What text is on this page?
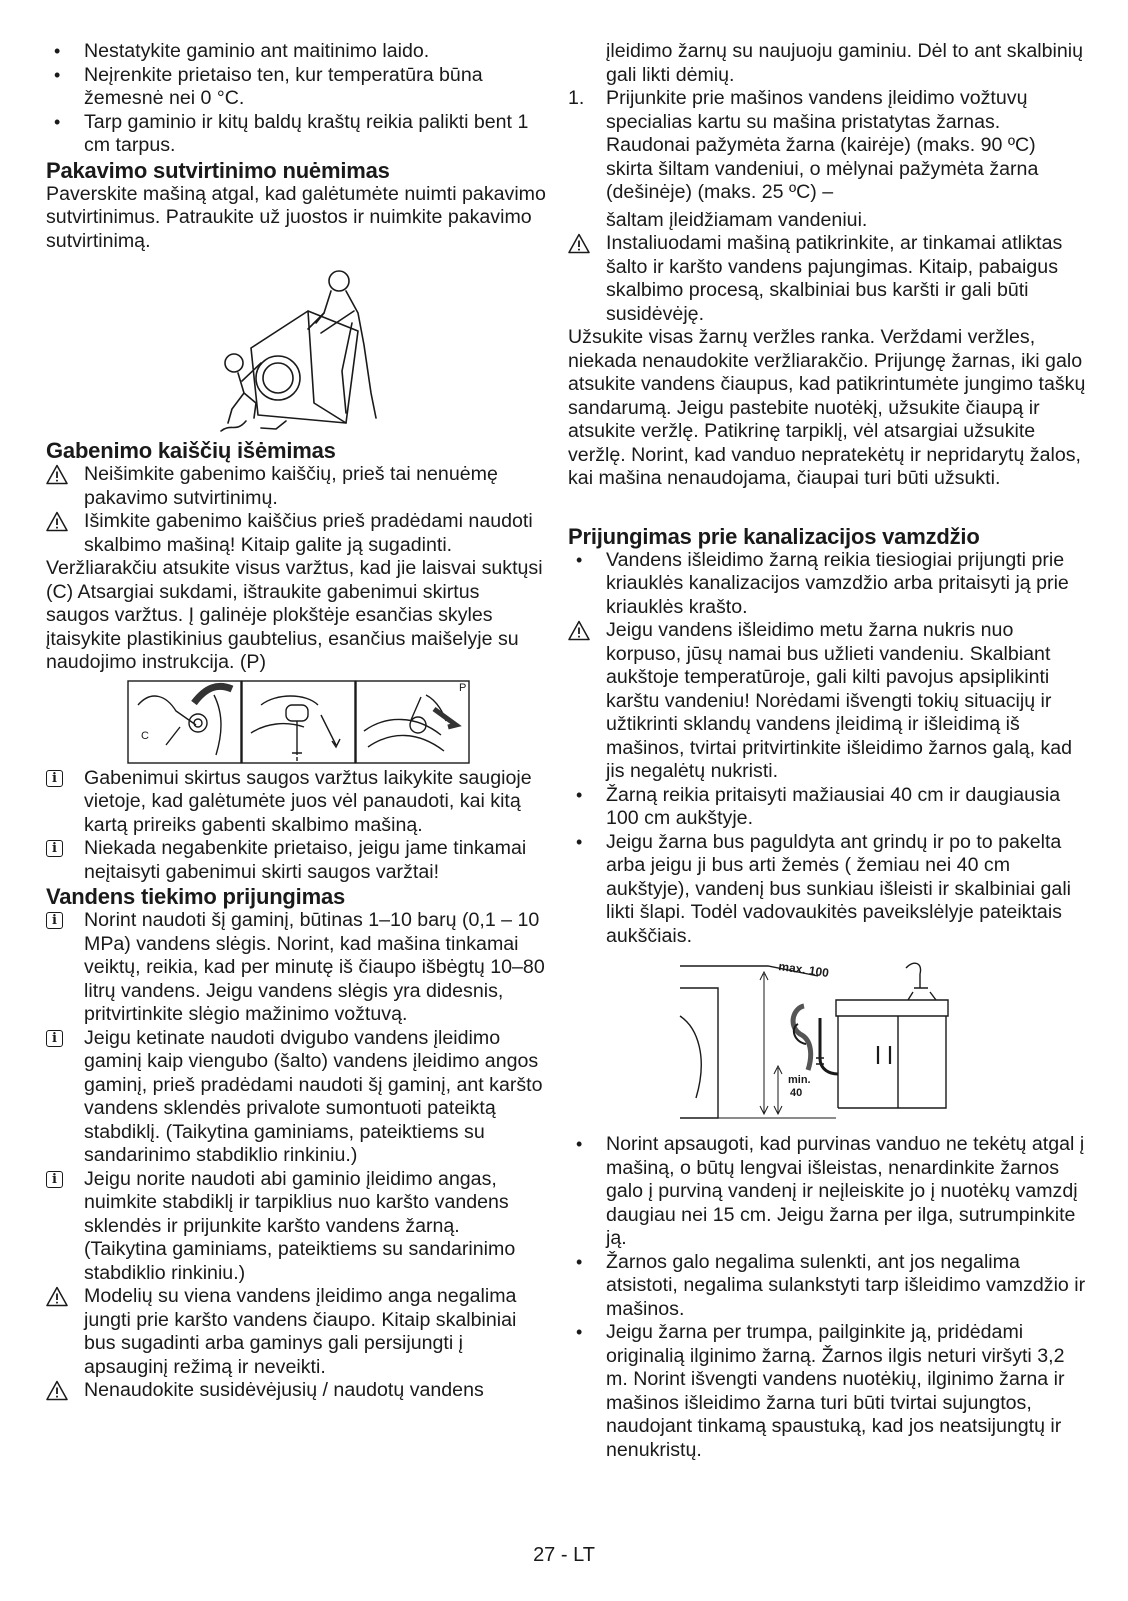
•	Nestatykite gaminio ant maitinimo laido.

•	Neįrenkite prietaiso ten, kur temperatūra būna žemesnė nei 0 °C.

•	Tarp gaminio ir kitų baldų kraštų reikia palikti bent 1 cm tarpus.

Pakavimo sutvirtinimo nuėmimas

Paverskite mašiną atgal, kad galėtumėte nuimti pakavimo sutvirtinimus. Patraukite už juostos ir nuimkite pakavimo sutvirtinimą.

Gabenimo kaiščių išėmimas

Neišimkite gabenimo kaiščių, prieš tai nenuėmę pakavimo sutvirtinimų.

Išimkite gabenimo kaiščius prieš pradėdami naudoti skalbimo mašiną! Kitaip galite ją sugadinti.

Veržliarakčiu atsukite visus varžtus, kad jie laisvai suktųsi (C) Atsargiai sukdami, ištraukite gabenimui skirtus saugos varžtus. Į galinėje plokštėje esančias skyles įtaisykite plastikinius gaubtelius, esančius maišelyje su naudojimo instrukcija. (P)

C
P
i	Gabenimui skirtus saugos varžtus laikykite saugioje vietoje, kad galėtumėte juos vėl panaudoti, kai kitą kartą prireiks gabenti skalbimo mašiną.

i	Niekada negabenkite prietaiso, jeigu jame tinkamai neįtaisyti gabenimui skirti saugos varžtai!

Vandens tiekimo prijungimas
i	Norint naudoti šį gaminį, būtinas 1–10 barų (0,1 – 10 MPa) vandens slėgis. Norint, kad mašina tinkamai veiktų, reikia, kad per minutę iš čiaupo išbėgtų 10–80 litrų vandens. Jeigu vandens slėgis yra didesnis, pritvirtinkite slėgio mažinimo vožtuvą.

i	Jeigu ketinate naudoti dvigubo vandens įleidimo gaminį kaip viengubo (šalto) vandens įleidimo angos gaminį, prieš pradėdami naudoti šį gaminį, ant karšto vandens sklendės privalote sumontuoti pateiktą stabdiklį. (Taikytina gaminiams, pateiktiems su sandarinimo stabdiklio rinkiniu.)

i	Jeigu norite naudoti abi gaminio įleidimo angas, nuimkite stabdiklį ir tarpiklius nuo karšto vandens sklendės ir prijunkite karšto vandens žarną. (Taikytina gaminiams, pateiktiems su sandarinimo stabdiklio rinkiniu.)

Modelių su viena vandens įleidimo anga negalima jungti prie karšto vandens čiaupo. Kitaip skalbiniai bus sugadinti arba gaminys gali persijungti į apsauginį režimą ir neveikti.

Nenaudokite susidėvėjusių / naudotų vandens

įleidimo žarnų su naujuoju gaminiu. Dėl to ant skalbinių gali likti dėmių.

1.	Prijunkite prie mašinos vandens įleidimo vožtuvų specialias kartu su mašina pristatytas žarnas. Raudonai pažymėta žarna (kairėje) (maks. 90 ºC) skirta šiltam vandeniui, o mėlynai pažymėta žarna (dešinėje) (maks. 25 ºC) –

šaltam įleidžiamam vandeniui.

Instaliuodami mašiną patikrinkite, ar tinkamai atliktas šalto ir karšto vandens pajungimas. Kitaip, pabaigus skalbimo procesą, skalbiniai bus karšti ir gali būti susidėvėję.

Užsukite visas žarnų veržles ranka. Verždami veržles, niekada nenaudokite veržliarakčio. Prijungę žarnas, iki galo atsukite vandens čiaupus, kad patikrintumėte jungimo taškų sandarumą. Jeigu pastebite nuotėkį, užsukite čiaupą ir atsukite veržlę. Patikrinę tarpiklį, vėl atsargiai užsukite veržlę. Norint, kad vanduo nepratekėtų ir nepridarytų žalos, kai mašina nenaudojama, čiaupai turi būti užsukti.

Prijungimas prie kanalizacijos vamzdžio
•	Vandens išleidimo žarną reikia tiesiogiai prijungti prie kriauklės kanalizacijos vamzdžio arba pritaisyti ją prie kriauklės krašto.

Jeigu vandens išleidimo metu žarna nukris nuo korpuso, jūsų namai bus užlieti vandeniu. Skalbiant aukštoje temperatūroje, gali kilti pavojus apsiplikinti karštu vandeniu! Norėdami išvengti tokių situacijų ir užtikrinti sklandų vandens įleidimą ir išleidimą iš mašinos, tvirtai pritvirtinkite išleidimo žarnos galą, kad jis negalėtų nukristi.

•	Žarną reikia pritaisyti mažiausiai 40 cm ir daugiausia 100 cm aukštyje.

•	Jeigu žarna bus paguldyta ant grindų ir po to pakelta arba jeigu ji bus arti žemės ( žemiau nei 40 cm aukštyje), vandenį bus sunkiau išleisti ir skalbiniai gali likti šlapi. Todėl vadovaukitės paveikslėlyje pateiktais aukščiais.

max. 100
min.
40
•	Norint apsaugoti, kad purvinas vanduo ne tekėtų atgal į mašiną, o būtų lengvai išleistas, nenardinkite žarnos galo į purviną vandenį ir neįleiskite jo į nuotėkų vamzdį daugiau nei 15 cm. Jeigu žarna per ilga, sutrumpinkite ją.

•	Žarnos galo negalima sulenkti, ant jos negalima atsistoti, negalima sulankstyti tarp išleidimo vamzdžio ir mašinos.

•	Jeigu žarna per trumpa, pailginkite ją, pridėdami originalią ilginimo žarną. Žarnos ilgis neturi viršyti 3,2 m. Norint išvengti vandens nuotėkių, ilginimo žarna ir mašinos išleidimo žarna turi būti tvirtai sujungtos, naudojant tinkamą spaustuką, kad jos neatsijungtų ir nenukristų.

27 - LT
